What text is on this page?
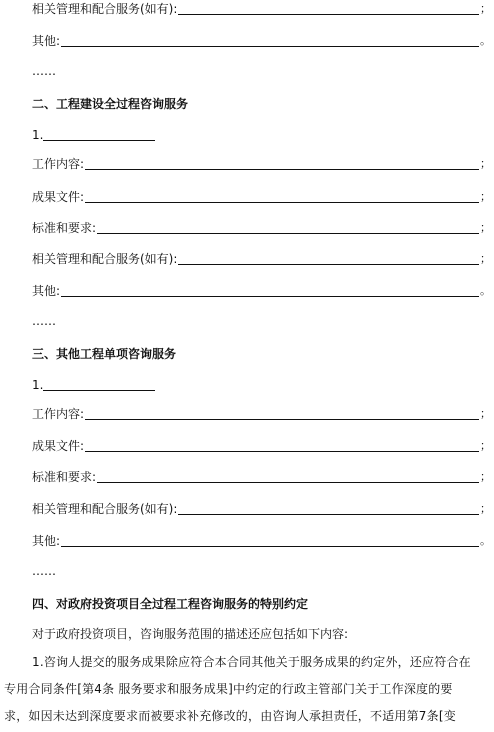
相关管理和配合服务(如有):	；
其他:	。
……
二、工程建设全过程咨询服务
1.
工作内容:	；
成果文件:	；
标准和要求:	；
相关管理和配合服务(如有):	；
其他:	。
……
三、其他工程单项咨询服务
1.
工作内容:	；
成果文件:	；
标准和要求:	；
相关管理和配合服务(如有):	；
其他:	。
……
四、对政府投资项目全过程工程咨询服务的特别约定
对于政府投资项目，咨询服务范围的描述还应包括如下内容:
1.咨询人提交的服务成果除应符合本合同其他关于服务成果的约定外，还应符合在
专用合同条件[第4条 服务要求和服务成果]中约定的行政主管部门关于工作深度的要
求，如因未达到深度要求而被要求补充修改的，由咨询人承担责任，不适用第7条[变
